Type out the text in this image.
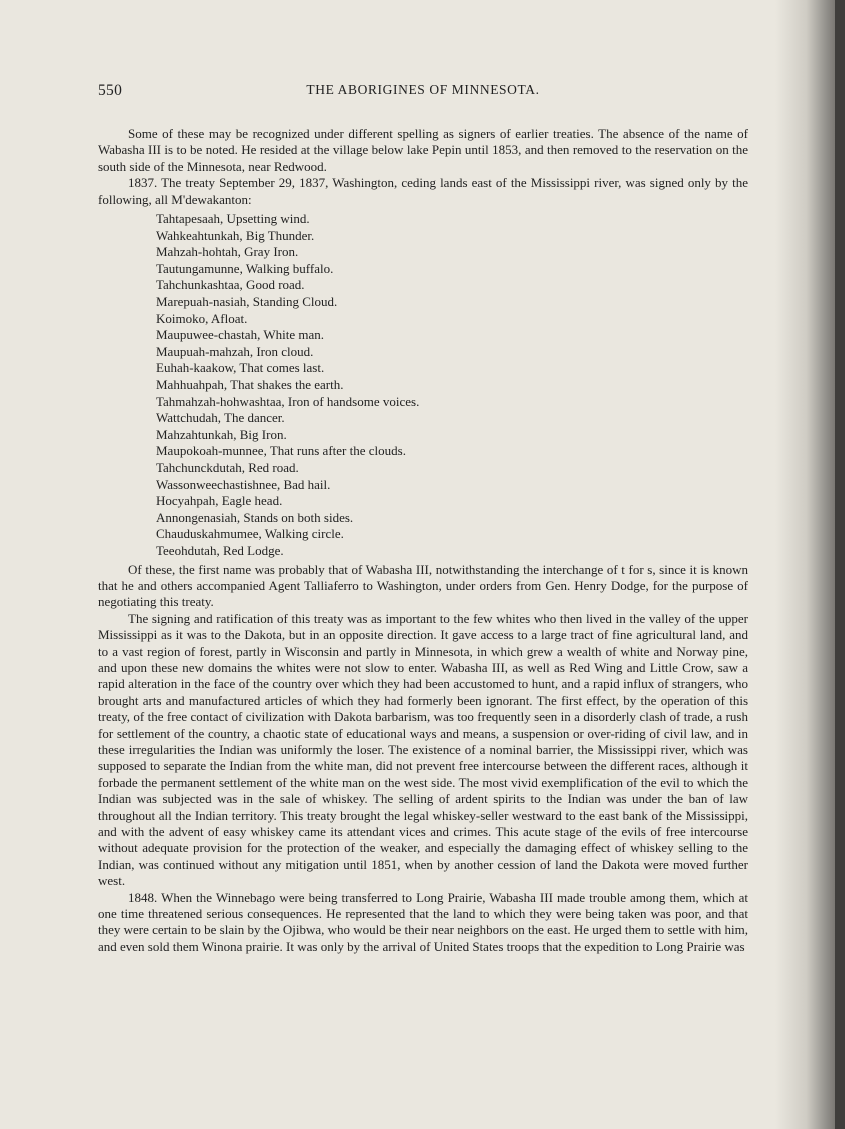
550	THE ABORIGINES OF MINNESOTA.

Some of these may be recognized under different spelling as signers of earlier treaties. The absence of the name of Wabasha III is to be noted. He resided at the village below lake Pepin until 1853, and then removed to the reservation on the south side of the Minnesota, near Redwood.

1837. The treaty September 29, 1837, Washington, ceding lands east of the Mississippi river, was signed only by the following, all M'dewakanton:

Tahtapesaah, Upsetting wind.
Wahkeahtunkah, Big Thunder.
Mahzah-hohtah, Gray Iron.
Tautungamunne, Walking buffalo.
Tahchunkashtaa, Good road.
Marepuah-nasiah, Standing Cloud.
Koimoko, Afloat.
Maupuwee-chastah, White man.
Maupuah-mahzah, Iron cloud.
Euhah-kaakow, That comes last.
Mahhuahpah, That shakes the earth.
Tahmahzah-hohwashtaa, Iron of handsome voices.
Wattchudah, The dancer.
Mahzahtunkah, Big Iron.
Maupokoah-munnee, That runs after the clouds.
Tahchunckdutah, Red road.
Wassonweechastishnee, Bad hail.
Hocyahpah, Eagle head.
Annongenasiah, Stands on both sides.
Chauduskahmumee, Walking circle.
Teeohdutah, Red Lodge.

Of these, the first name was probably that of Wabasha III, notwithstanding the interchange of t for s, since it is known that he and others accompanied Agent Talliaferro to Washington, under orders from Gen. Henry Dodge, for the purpose of negotiating this treaty.

The signing and ratification of this treaty was as important to the few whites who then lived in the valley of the upper Mississippi as it was to the Dakota, but in an opposite direction. It gave access to a large tract of fine agricultural land, and to a vast region of forest, partly in Wisconsin and partly in Minnesota, in which grew a wealth of white and Norway pine, and upon these new domains the whites were not slow to enter. Wabasha III, as well as Red Wing and Little Crow, saw a rapid alteration in the face of the country over which they had been accustomed to hunt, and a rapid influx of strangers, who brought arts and manufactured articles of which they had formerly been ignorant. The first effect, by the operation of this treaty, of the free contact of civilization with Dakota barbarism, was too frequently seen in a disorderly clash of trade, a rush for settlement of the country, a chaotic state of educational ways and means, a suspension or over-riding of civil law, and in these irregularities the Indian was uniformly the loser. The existence of a nominal barrier, the Mississippi river, which was supposed to separate the Indian from the white man, did not prevent free intercourse between the different races, although it forbade the permanent settlement of the white man on the west side. The most vivid exemplification of the evil to which the Indian was subjected was in the sale of whiskey. The selling of ardent spirits to the Indian was under the ban of law throughout all the Indian territory. This treaty brought the legal whiskey-seller westward to the east bank of the Mississippi, and with the advent of easy whiskey came its attendant vices and crimes. This acute stage of the evils of free intercourse without adequate provision for the protection of the weaker, and especially the damaging effect of whiskey selling to the Indian, was continued without any mitigation until 1851, when by another cession of land the Dakota were moved further west.

1848. When the Winnebago were being transferred to Long Prairie, Wabasha III made trouble among them, which at one time threatened serious consequences. He represented that the land to which they were being taken was poor, and that they were certain to be slain by the Ojibwa, who would be their near neighbors on the east. He urged them to settle with him, and even sold them Winona prairie. It was only by the arrival of United States troops that the expedition to Long Prairie was
